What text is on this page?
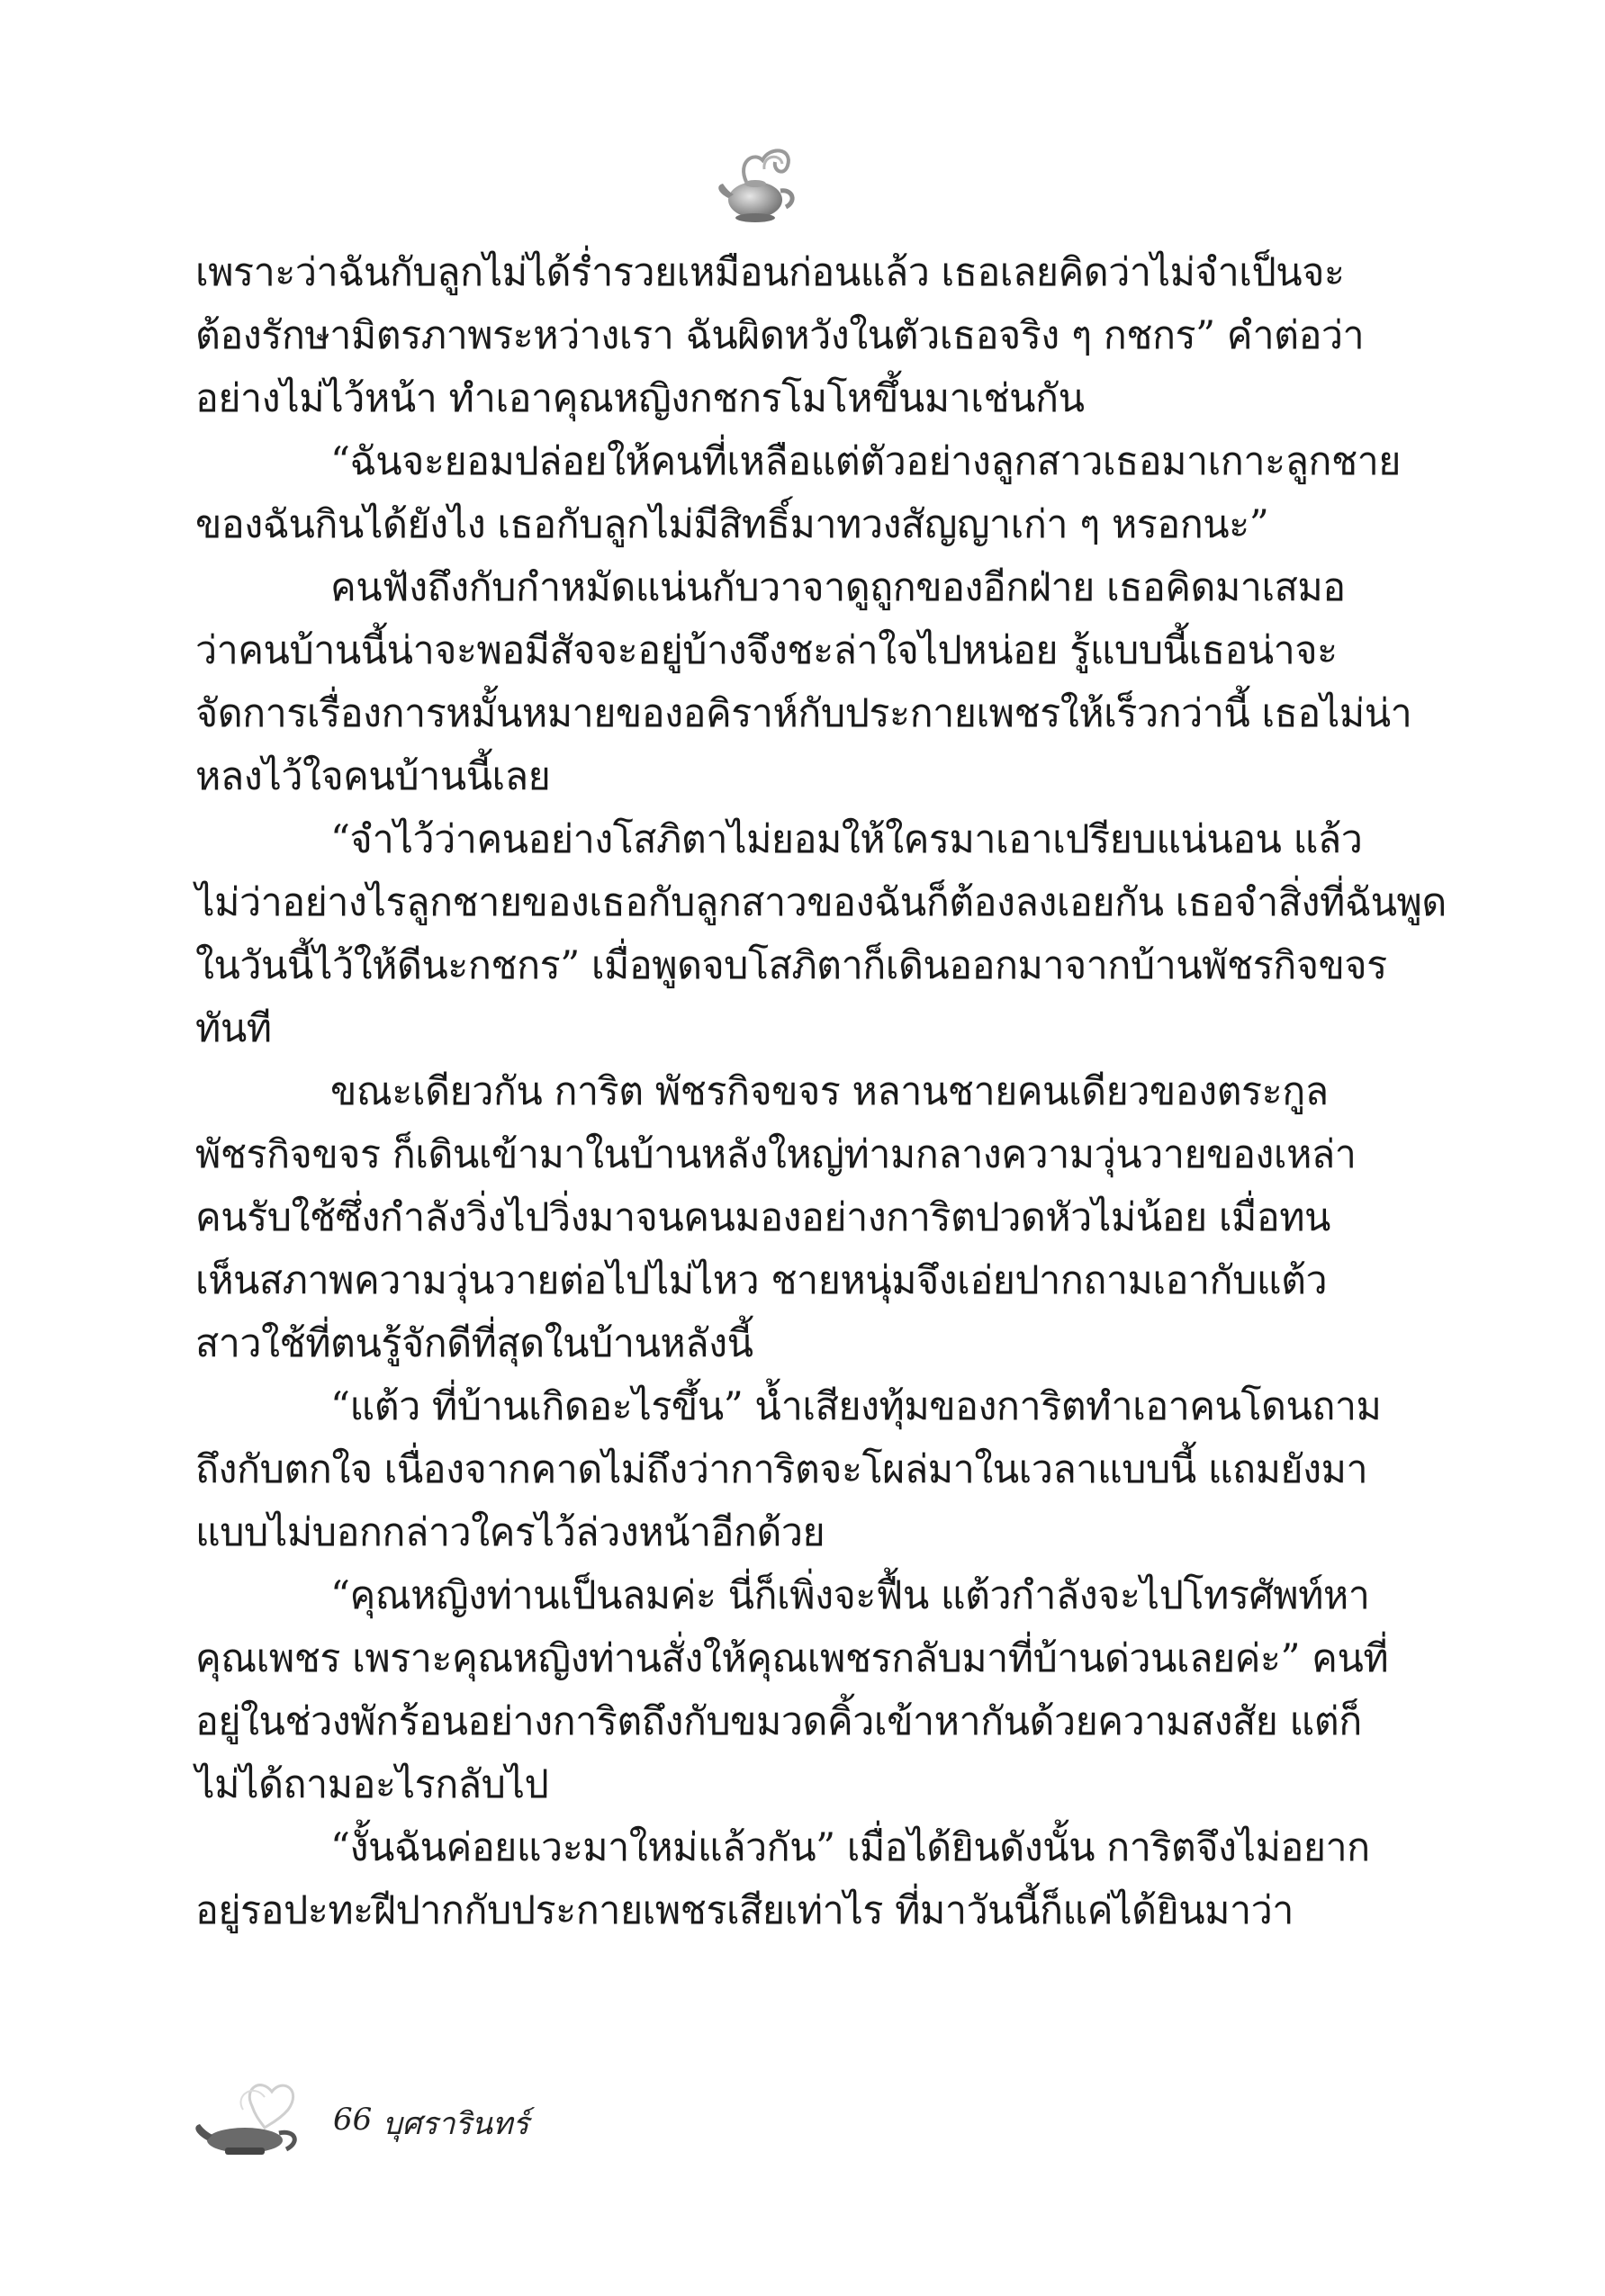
เพราะว่าฉันกับลูกไม่ได้ร่ำรวยเหมือนก่อนแล้ว เธอเลยคิดว่าไม่จำเป็นจะ
ต้องรักษามิตรภาพระหว่างเรา ฉันผิดหวังในตัวเธอจริง ๆ กชกร” คำต่อว่า
อย่างไม่ไว้หน้า ทำเอาคุณหญิงกชกรโมโหขึ้นมาเช่นกัน
“ฉันจะยอมปล่อยให้คนที่เหลือแต่ตัวอย่างลูกสาวเธอมาเกาะลูกชาย
ของฉันกินได้ยังไง เธอกับลูกไม่มีสิทธิ์มาทวงสัญญาเก่า ๆ หรอกนะ”
คนฟังถึงกับกำหมัดแน่นกับวาจาดูถูกของอีกฝ่าย เธอคิดมาเสมอ
ว่าคนบ้านนี้น่าจะพอมีสัจจะอยู่บ้างจึงชะล่าใจไปหน่อย รู้แบบนี้เธอน่าจะ
จัดการเรื่องการหมั้นหมายของอคิราห์กับประกายเพชรให้เร็วกว่านี้ เธอไม่น่า
หลงไว้ใจคนบ้านนี้เลย
“จำไว้ว่าคนอย่างโสภิตาไม่ยอมให้ใครมาเอาเปรียบแน่นอน แล้ว
ไม่ว่าอย่างไรลูกชายของเธอกับลูกสาวของฉันก็ต้องลงเอยกัน เธอจำสิ่งที่ฉันพูด
ในวันนี้ไว้ให้ดีนะกชกร” เมื่อพูดจบโสภิตาก็เดินออกมาจากบ้านพัชรกิจขจร
ทันที
ขณะเดียวกัน การิต พัชรกิจขจร หลานชายคนเดียวของตระกูล
พัชรกิจขจร ก็เดินเข้ามาในบ้านหลังใหญ่ท่ามกลางความวุ่นวายของเหล่า
คนรับใช้ซึ่งกำลังวิ่งไปวิ่งมาจนคนมองอย่างการิตปวดหัวไม่น้อย เมื่อทน
เห็นสภาพความวุ่นวายต่อไปไม่ไหว ชายหนุ่มจึงเอ่ยปากถามเอากับแต้ว
สาวใช้ที่ตนรู้จักดีที่สุดในบ้านหลังนี้
“แต้ว ที่บ้านเกิดอะไรขึ้น” น้ำเสียงทุ้มของการิตทำเอาคนโดนถาม
ถึงกับตกใจ เนื่องจากคาดไม่ถึงว่าการิตจะโผล่มาในเวลาแบบนี้ แถมยังมา
แบบไม่บอกกล่าวใครไว้ล่วงหน้าอีกด้วย
“คุณหญิงท่านเป็นลมค่ะ นี่ก็เพิ่งจะฟื้น แต้วกำลังจะไปโทรศัพท์หา
คุณเพชร เพราะคุณหญิงท่านสั่งให้คุณเพชรกลับมาที่บ้านด่วนเลยค่ะ” คนที่
อยู่ในช่วงพักร้อนอย่างการิตถึงกับขมวดคิ้วเข้าหากันด้วยความสงสัย แต่ก็
ไม่ได้ถามอะไรกลับไป
“งั้นฉันค่อยแวะมาใหม่แล้วกัน” เมื่อได้ยินดังนั้น การิตจึงไม่อยาก
อยู่รอปะทะฝีปากกับประกายเพชรเสียเท่าไร ที่มาวันนี้ก็แค่ได้ยินมาว่า
66 บุศรารินทร์
